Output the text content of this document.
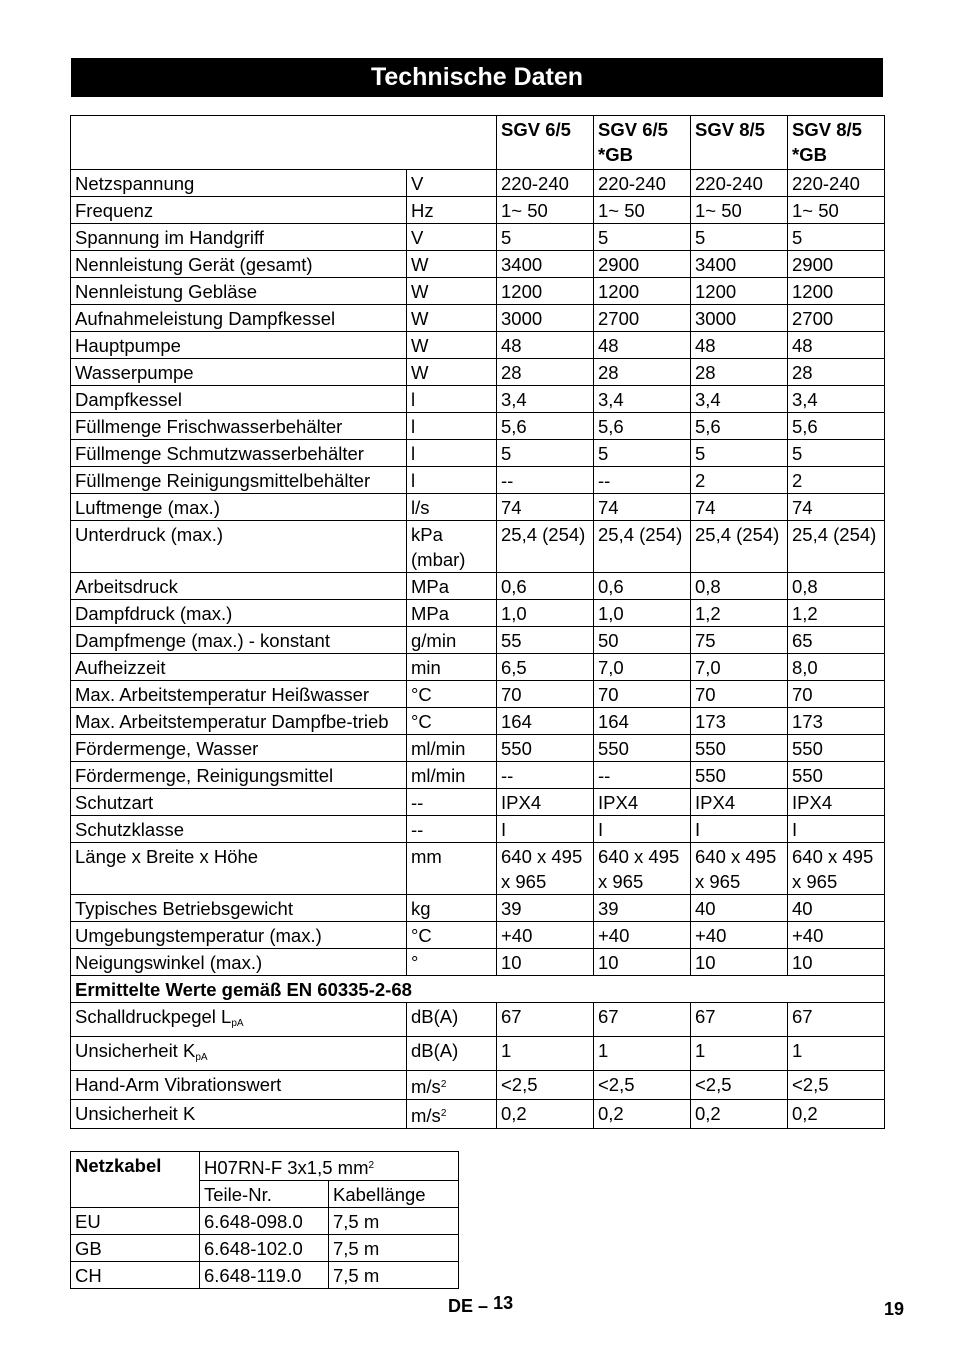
Technische Daten
		SGV 6/5	SGV 6/5 *GB	SGV 8/5	SGV 8/5 *GB
Netzspannung	V	220-240	220-240	220-240	220-240
Frequenz	Hz	1~ 50	1~ 50	1~ 50	1~ 50
Spannung im Handgriff	V	5	5	5	5
Nennleistung Gerät (gesamt)	W	3400	2900	3400	2900
Nennleistung Gebläse	W	1200	1200	1200	1200
Aufnahmeleistung Dampfkessel	W	3000	2700	3000	2700
Hauptpumpe	W	48	48	48	48
Wasserpumpe	W	28	28	28	28
Dampfkessel	l	3,4	3,4	3,4	3,4
Füllmenge Frischwasserbehälter	l	5,6	5,6	5,6	5,6
Füllmenge Schmutzwasserbehälter	l	5	5	5	5
Füllmenge Reinigungsmittelbehälter	l	--	--	2	2
Luftmenge (max.)	l/s	74	74	74	74
Unterdruck (max.)	kPa (mbar)	25,4 (254)	25,4 (254)	25,4 (254)	25,4 (254)
Arbeitsdruck	MPa	0,6	0,6	0,8	0,8
Dampfdruck (max.)	MPa	1,0	1,0	1,2	1,2
Dampfmenge (max.) - konstant	g/min	55	50	75	65
Aufheizzeit	min	6,5	7,0	7,0	8,0
Max. Arbeitstemperatur Heißwasser	°C	70	70	70	70
Max. Arbeitstemperatur Dampfbe-trieb	°C	164	164	173	173
Fördermenge, Wasser	ml/min	550	550	550	550
Fördermenge, Reinigungsmittel	ml/min	--	--	550	550
Schutzart	--	IPX4	IPX4	IPX4	IPX4
Schutzklasse	--	I	I	I	I
Länge x Breite x Höhe	mm	640 x 495 x 965	640 x 495 x 965	640 x 495 x 965	640 x 495 x 965
Typisches Betriebsgewicht	kg	39	39	40	40
Umgebungstemperatur (max.)	°C	+40	+40	+40	+40
Neigungswinkel (max.)	°	10	10	10	10
Ermittelte Werte gemäß EN 60335-2-68					
Schalldruckpegel $L_{pA}$	dB(A)	67	67	67	67
Unsicherheit $K_{pA}$	dB(A)	1	1	1	1
Hand-Arm Vibrationswert	$m/s^2$	<2,5	<2,5	<2,5	<2,5
Unsicherheit K	$m/s^2$	0,2	0,2	0,2	0,2
Netzkabel	H07RN-F 3x1,5 $mm^2$
	Teile-Nr.	Kabellänge
EU	6.648-098.0	7,5 m
GB	6.648-102.0	7,5 m
CH	6.648-119.0	7,5 m
DE – 13	19
